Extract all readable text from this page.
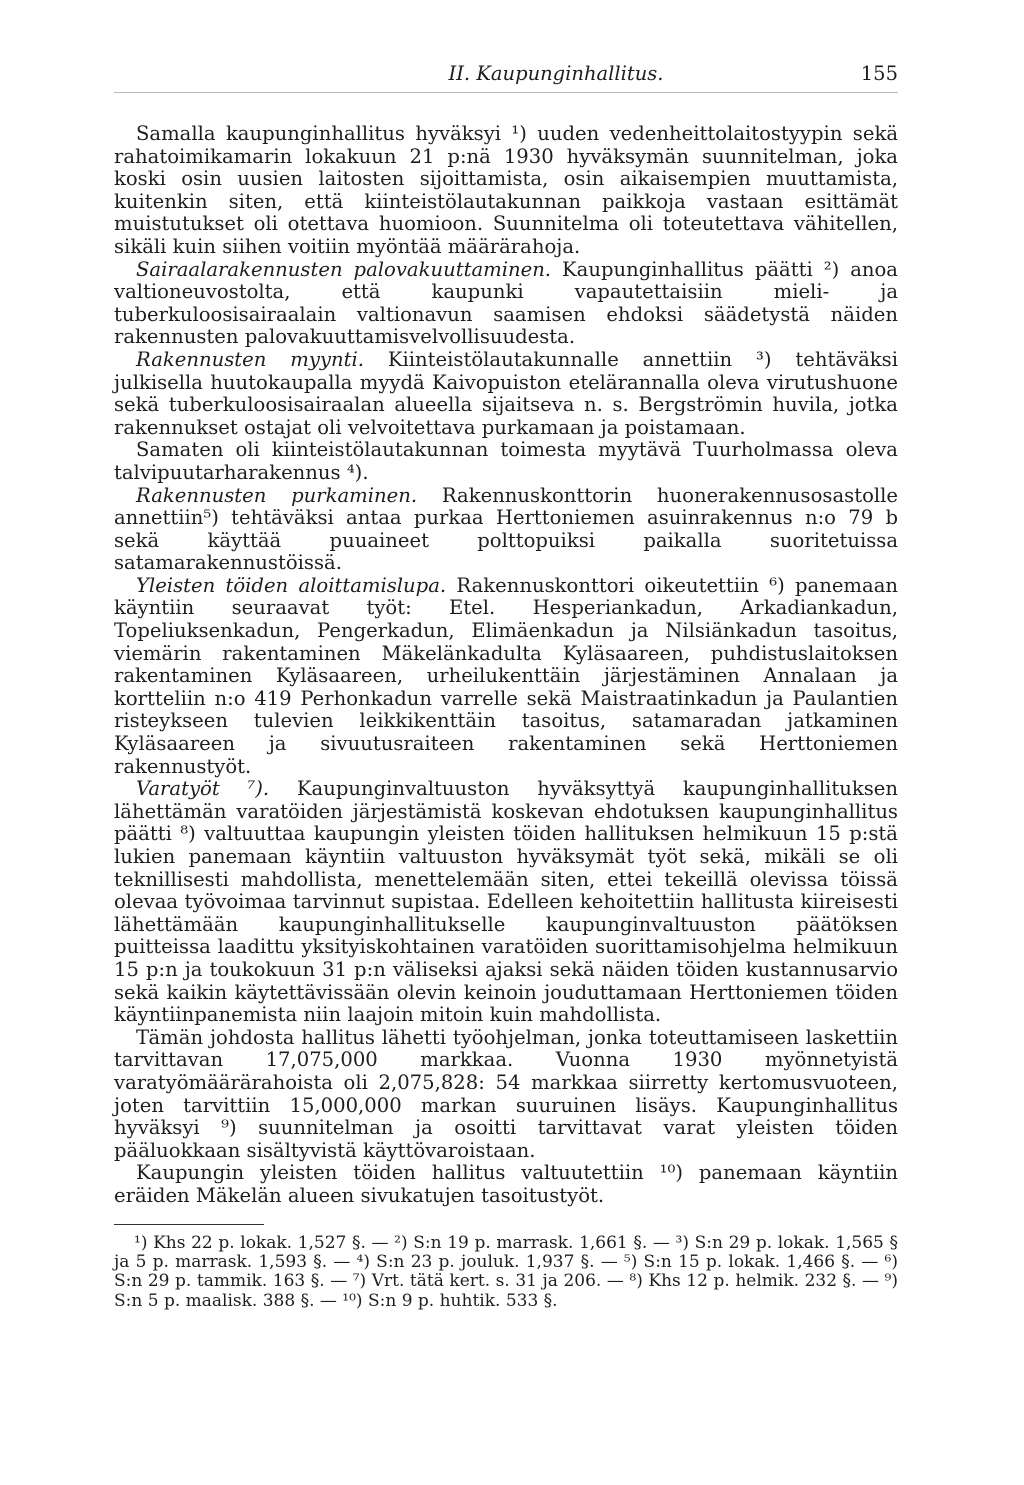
II. Kaupunginhallitus.	155

Samalla kaupunginhallitus hyväksyi ¹) uuden vedenheittolaitostyypin sekä rahatoimikamarin lokakuun 21 p:nä 1930 hyväksymän suunnitelman, joka koski osin uusien laitosten sijoittamista, osin aikaisempien muuttamista, kuitenkin siten, että kiinteistölautakunnan paikkoja vastaan esittämät muistutukset oli otettava huomioon. Suunnitelma oli toteutettava vähitellen, sikäli kuin siihen voitiin myöntää määrärahoja.

Sairaalarakennusten palovakuuttaminen. Kaupunginhallitus päätti ²) anoa valtioneuvostolta, että kaupunki vapautettaisiin mieli- ja tuberkuloosisairaalain valtionavun saamisen ehdoksi säädetystä näiden rakennusten palovakuuttamisvelvollisuudesta.

Rakennusten myynti. Kiinteistölautakunnalle annettiin ³) tehtäväksi julkisella huutokaupalla myydä Kaivopuiston etelärannalla oleva virutushuone sekä tuberkuloosisairaalan alueella sijaitseva n. s. Bergströmin huvila, jotka rakennukset ostajat oli velvoitettava purkamaan ja poistamaan.

Samaten oli kiinteistölautakunnan toimesta myytävä Tuurholmassa oleva talvipuutarharakennus ⁴).

Rakennusten purkaminen. Rakennuskonttorin huonerakennusosastolle annettiin⁵) tehtäväksi antaa purkaa Herttoniemen asuinrakennus n:o 79 b sekä käyttää puuaineet polttopuiksi paikalla suoritetuissa satamarakennustöissä.

Yleisten töiden aloittamislupa. Rakennuskonttori oikeutettiin ⁶) panemaan käyntiin seuraavat työt: Etel. Hesperiankadun, Arkadiankadun, Topeliuksenkadun, Pengerkadun, Elimäenkadun ja Nilsiänkadun tasoitus, viemärin rakentaminen Mäkelänkadulta Kyläsaareen, puhdistuslaitoksen rakentaminen Kyläsaareen, urheilukenttäin järjestäminen Annalaan ja kortteliin n:o 419 Perhonkadun varrelle sekä Maistraatinkadun ja Paulantien risteykseen tulevien leikkikenttäin tasoitus, satamaradan jatkaminen Kyläsaareen ja sivuutusraiteen rakentaminen sekä Herttoniemen rakennustyöt.

Varatyöt ⁷). Kaupunginvaltuuston hyväksyttyä kaupunginhallituksen lähettämän varatöiden järjestämistä koskevan ehdotuksen kaupunginhallitus päätti ⁸) valtuuttaa kaupungin yleisten töiden hallituksen helmikuun 15 p:stä lukien panemaan käyntiin valtuuston hyväksymät työt sekä, mikäli se oli teknillisesti mahdollista, menettelemään siten, ettei tekeillä olevissa töissä olevaa työvoimaa tarvinnut supistaa. Edelleen kehoitettiin hallitusta kiireisesti lähettämään kaupunginhallitukselle kaupunginvaltuuston päätöksen puitteissa laadittu yksityiskohtainen varatöiden suorittamisohjelma helmikuun 15 p:n ja toukokuun 31 p:n väliseksi ajaksi sekä näiden töiden kustannusarvio sekä kaikin käytettävissään olevin keinoin jouduttamaan Herttoniemen töiden käyntiinpanemista niin laajoin mitoin kuin mahdollista.

Tämän johdosta hallitus lähetti työohjelman, jonka toteuttamiseen laskettiin tarvittavan 17,075,000 markkaa. Vuonna 1930 myönnetyistä varatyömäärärahoista oli 2,075,828: 54 markkaa siirretty kertomusvuoteen, joten tarvittiin 15,000,000 markan suuruinen lisäys. Kaupunginhallitus hyväksyi ⁹) suunnitelman ja osoitti tarvittavat varat yleisten töiden pääluokkaan sisältyvistä käyttövaroistaan.

Kaupungin yleisten töiden hallitus valtuutettiin ¹⁰) panemaan käyntiin eräiden Mäkelän alueen sivukatujen tasoitustyöt.

¹) Khs 22 p. lokak. 1,527 §. — ²) S:n 19 p. marrask. 1,661 §. — ³) S:n 29 p. lokak. 1,565 § ja 5 p. marrask. 1,593 §. — ⁴) S:n 23 p. jouluk. 1,937 §. — ⁵) S:n 15 p. lokak. 1,466 §. — ⁶) S:n 29 p. tammik. 163 §. — ⁷) Vrt. tätä kert. s. 31 ja 206. — ⁸) Khs 12 p. helmik. 232 §. — ⁹) S:n 5 p. maalisk. 388 §. — ¹⁰) S:n 9 p. huhtik. 533 §.
